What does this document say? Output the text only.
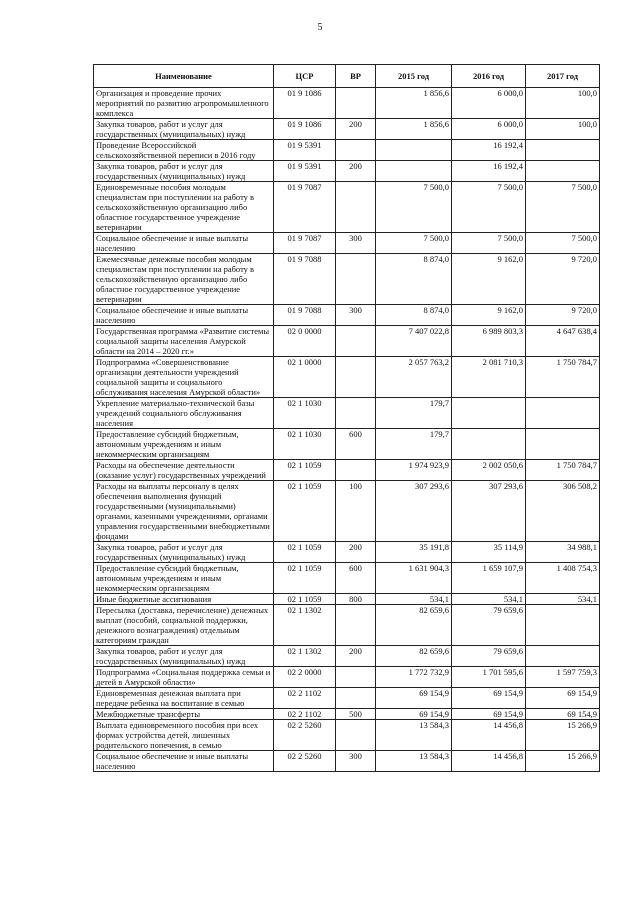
5
Наименование	ЦСР	ВР	2015 год	2016 год	2017 год
Организация и проведение прочих мероприятий по развитию агропромышленного комплекса	01 9 1086		1 856,6	6 000,0	100,0
Закупка товаров, работ и услуг для государственных (муниципальных) нужд	01 9 1086	200	1 856,6	6 000,0	100,0
Проведение Всероссийской сельскохозяйственной переписи в 2016 году	01 9 5391			16 192,4	
Закупка товаров, работ и услуг для государственных (муниципальных) нужд	01 9 5391	200		16 192,4	
Единовременные пособия молодым специалистам при поступлении на работу в сельскохозяйственную организацию либо областное государственное учреждение ветеринарии	01 9 7087		7 500,0	7 500,0	7 500,0
Социальное обеспечение и иные выплаты населению	01 9 7087	300	7 500,0	7 500,0	7 500,0
Ежемесячные денежные пособия молодым специалистам при поступлении на работу в сельскохозяйственную организацию либо областное государственное учреждение ветеринарии	01 9 7088		8 874,0	9 162,0	9 720,0
Социальное обеспечение и иные выплаты населению	01 9 7088	300	8 874,0	9 162,0	9 720,0
Государственная программа «Развитие системы социальной защиты населения Амурской области на 2014 – 2020 гг.»	02 0 0000		7 407 022,8	6 989 803,3	4 647 638,4
Подпрограмма «Совершенствование организации деятельности учреждений социальной защиты и социального обслуживания населения Амурской области»	02 1 0000		2 057 763,2	2 081 710,3	1 750 784,7
Укрепление материально-технической базы учреждений социального обслуживания населения	02 1 1030		179,7		
Предоставление субсидий бюджетным, автономным учреждениям и иным некоммерческим организациям	02 1 1030	600	179,7		
Расходы на обеспечение деятельности (оказание услуг) государственных учреждений	02 1 1059		1 974 923,9	2 002 050,6	1 750 784,7
Расходы на выплаты персоналу в целях обеспечения выполнения функций государственными (муниципальными) органами, казенными учреждениями, органами управления государственными внебюджетными фондами	02 1 1059	100	307 293,6	307 293,6	306 508,2
Закупка товаров, работ и услуг для государственных (муниципальных) нужд	02 1 1059	200	35 191,8	35 114,9	34 988,1
Предоставление субсидий бюджетным, автономным учреждениям и иным некоммерческим организациям	02 1 1059	600	1 631 904,3	1 659 107,9	1 408 754,3
Иные бюджетные ассигнования	02 1 1059	800	534,1	534,1	534,1
Пересылка (доставка, перечисление) денежных выплат (пособий, социальной поддержки, денежного вознаграждения) отдельным категориям граждан	02 1 1302		82 659,6	79 659,6	
Закупка товаров, работ и услуг для государственных (муниципальных) нужд	02 1 1302	200	82 659,6	79 659,6	
Подпрограмма «Социальная поддержка семьи и детей в Амурской области»	02 2 0000		1 772 732,9	1 701 595,6	1 597 759,3
Единовременная денежная выплата при передаче ребенка на воспитание в семью	02 2 1102		69 154,9	69 154,9	69 154,9
Межбюджетные трансферты	02 2 1102	500	69 154,9	69 154,9	69 154,9
Выплата единовременного пособия при всех формах устройства детей, лишенных родительского попечения, в семью	02 2 5260		13 584,3	14 456,8	15 266,9
Социальное обеспечение и иные выплаты населению	02 2 5260	300	13 584,3	14 456,8	15 266,9
